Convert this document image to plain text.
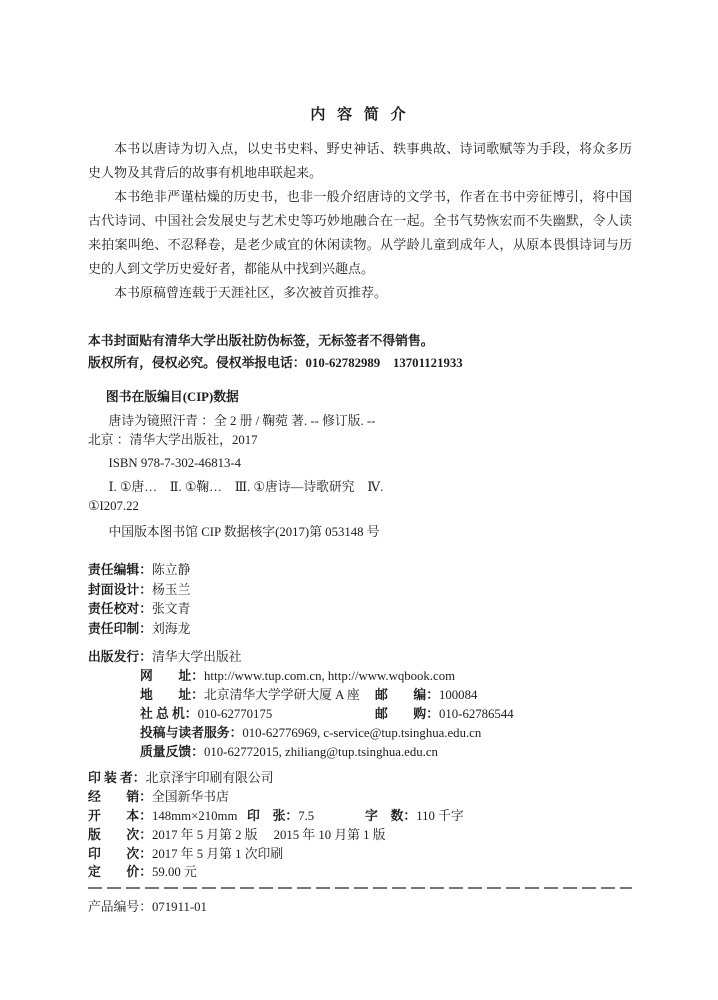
内 容 简 介

本书以唐诗为切入点，以史书史料、野史神话、轶事典故、诗词歌赋等为手段，将众多历史人物及其背后的故事有机地串联起来。

本书绝非严谨枯燥的历史书，也非一般介绍唐诗的文学书，作者在书中旁征博引，将中国古代诗词、中国社会发展史与艺术史等巧妙地融合在一起。全书气势恢宏而不失幽默，令人读来拍案叫绝、不忍释卷，是老少咸宜的休闲读物。从学龄儿童到成年人，从原本畏惧诗词与历史的人到文学历史爱好者，都能从中找到兴趣点。

本书原稿曾连载于天涯社区，多次被首页推荐。

本书封面贴有清华大学出版社防伪标签，无标签者不得销售。

版权所有，侵权必究。侵权举报电话：010-62782989　13701121933

图书在版编目(CIP)数据

唐诗为镜照汗青 ：全 2 册 / 鞠菀 著. -- 修订版. --

北京 ：清华大学出版社，2017

ISBN 978-7-302-46813-4

Ⅰ. ①唐…　Ⅱ. ①鞠…　Ⅲ. ①唐诗—诗歌研究　Ⅳ.

①I207.22

中国版本图书馆 CIP 数据核字(2017)第 053148 号

责任编辑：陈立静
封面设计：杨玉兰
责任校对：张文青
责任印制：刘海龙
出版发行：清华大学出版社
网　　址：http://www.tup.com.cn, http://www.wqbook.com
地　　址：北京清华大学学研大厦 A 座 邮　　编：100084
社 总 机：010-62770175	邮　　购：010-62786544
投稿与读者服务：010-62776969, c-service@tup.tsinghua.edu.cn
质量反馈：010-62772015, zhiliang@tup.tsinghua.edu.cn
印 装 者：北京泽宇印刷有限公司
经　　销：全国新华书店
开　　本：148mm×210mm 印　张：7.5	字　数：110 千字
版　　次：2017 年 5 月第 2 版 2015 年 10 月第 1 版
印　　次：2017 年 5 月第 1 次印刷
定　　价：59.00 元
产品编号：071911-01
